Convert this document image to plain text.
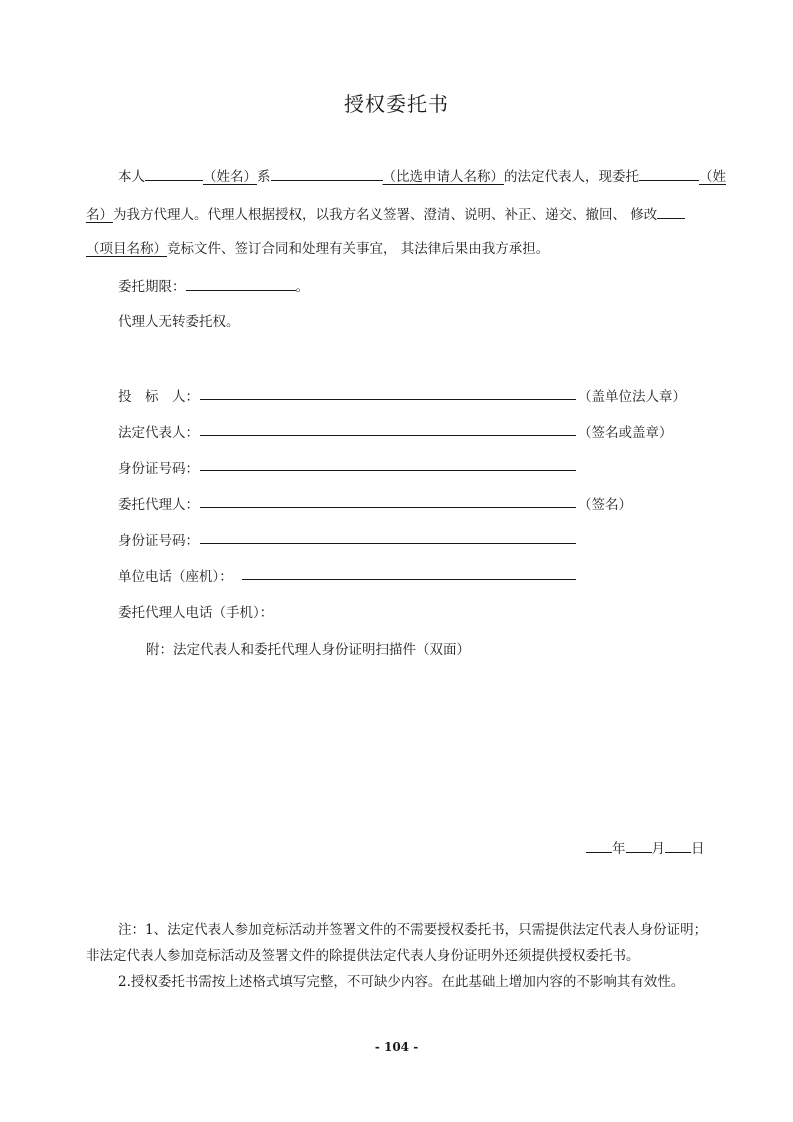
授权委托书
本人	（姓名）系	（比选申请人名称）的法定代表人，现委托	（姓
名）为我方代理人。代理人根据授权，以我方名义签署、澄清、说明、补正、递交、撤回、 修改
（项目名称）竞标文件、签订合同和处理有关事宜， 其法律后果由我方承担。
委托期限：	。
代理人无转委托权。
投　标　人：	（盖单位法人章）
法定代表人：	（签名或盖章）
身份证号码：
委托代理人：	（签名）
身份证号码：
单位电话（座机）：
委托代理人电话（手机）：
附：法定代表人和委托代理人身份证明扫描件（双面）
年 月 日
注：1、法定代表人参加竞标活动并签署文件的不需要授权委托书，只需提供法定代表人身份证明；
非法定代表人参加竞标活动及签署文件的除提供法定代表人身份证明外还须提供授权委托书。
2.授权委托书需按上述格式填写完整，不可缺少内容。在此基础上增加内容的不影响其有效性。
- 104 -
